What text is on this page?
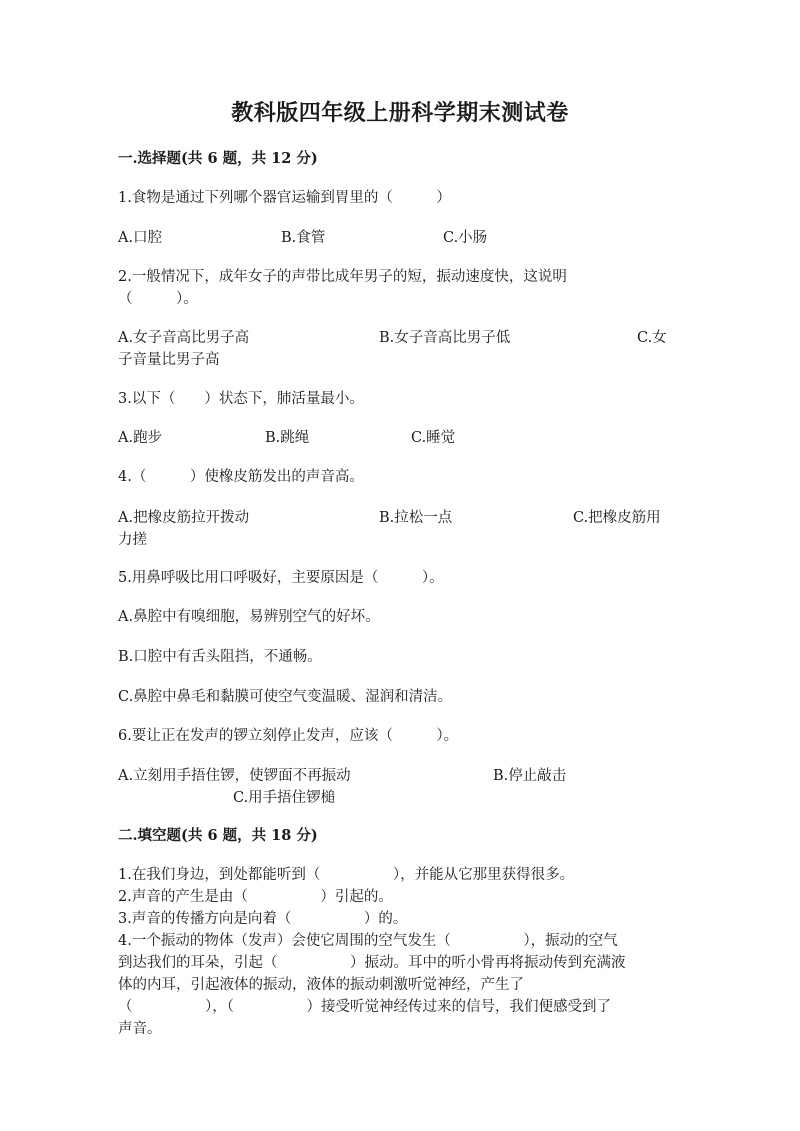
教科版四年级上册科学期末测试卷
一.选择题(共 6 题，共 12 分)
1.食物是通过下列哪个器官运输到胃里的（　　　）
A.口腔	B.食管	C.小肠
2.一般情况下，成年女子的声带比成年男子的短，振动速度快，这说明
（　　　）。
A.女子音高比男子高	B.女子音高比男子低	C.女
子音量比男子高
3.以下（　　）状态下，肺活量最小。
A.跑步	B.跳绳	C.睡觉
4.（　　　）使橡皮筋发出的声音高。
A.把橡皮筋拉开拨动	B.拉松一点	C.把橡皮筋用
力搓
5.用鼻呼吸比用口呼吸好，主要原因是（　　　）。
A.鼻腔中有嗅细胞，易辨别空气的好坏。
B.口腔中有舌头阻挡，不通畅。
C.鼻腔中鼻毛和黏膜可使空气变温暖、湿润和清洁。
6.要让正在发声的锣立刻停止发声，应该（　　　）。
A.立刻用手捂住锣，使锣面不再振动	B.停止敲击
C.用手捂住锣槌
二.填空题(共 6 题，共 18 分)
1.在我们身边，到处都能听到（　　　　　），并能从它那里获得很多。
2.声音的产生是由（　　　　　）引起的。
3.声音的传播方向是向着（　　　　　）的。
4.一个振动的物体（发声）会使它周围的空气发生（　　　　　），振动的空气
到达我们的耳朵，引起（　　　　　）振动。耳中的听小骨再将振动传到充满液
体的内耳，引起液体的振动，液体的振动刺激听觉神经，产生了
（　　　　　），（　　　　　）接受听觉神经传过来的信号，我们便感受到了
声音。
